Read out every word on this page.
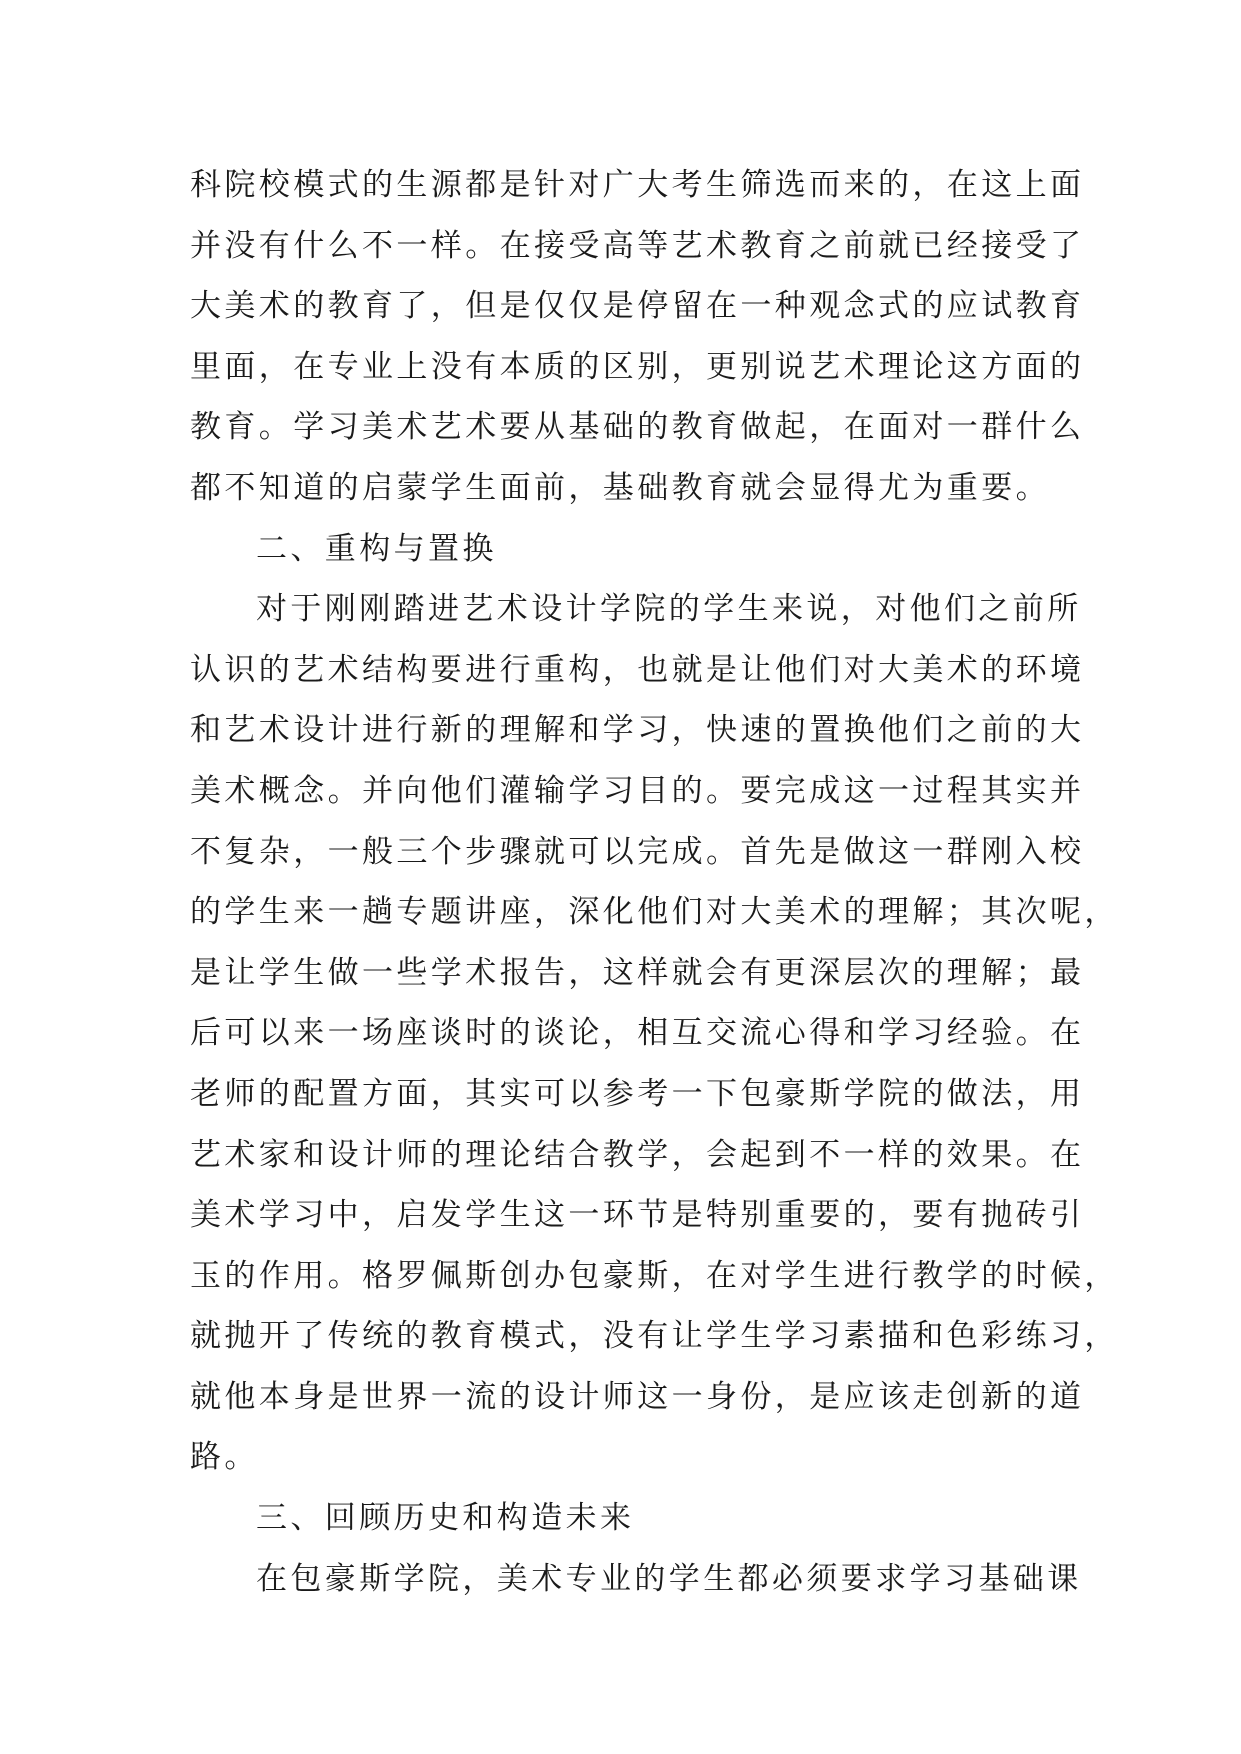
科院校模式的生源都是针对广大考生筛选而来的，在这上面
并没有什么不一样。在接受高等艺术教育之前就已经接受了
大美术的教育了，但是仅仅是停留在一种观念式的应试教育
里面，在专业上没有本质的区别，更别说艺术理论这方面的
教育。学习美术艺术要从基础的教育做起，在面对一群什么
都不知道的启蒙学生面前，基础教育就会显得尤为重要。
二、重构与置换
对于刚刚踏进艺术设计学院的学生来说，对他们之前所
认识的艺术结构要进行重构，也就是让他们对大美术的环境
和艺术设计进行新的理解和学习，快速的置换他们之前的大
美术概念。并向他们灌输学习目的。要完成这一过程其实并
不复杂，一般三个步骤就可以完成。首先是做这一群刚入校
的学生来一趟专题讲座，深化他们对大美术的理解；其次呢，
是让学生做一些学术报告，这样就会有更深层次的理解；最
后可以来一场座谈时的谈论，相互交流心得和学习经验。在
老师的配置方面，其实可以参考一下包豪斯学院的做法，用
艺术家和设计师的理论结合教学，会起到不一样的效果。在
美术学习中，启发学生这一环节是特别重要的，要有抛砖引
玉的作用。格罗佩斯创办包豪斯，在对学生进行教学的时候，
就抛开了传统的教育模式，没有让学生学习素描和色彩练习，
就他本身是世界一流的设计师这一身份，是应该走创新的道
路。
三、回顾历史和构造未来
在包豪斯学院，美术专业的学生都必须要求学习基础课
